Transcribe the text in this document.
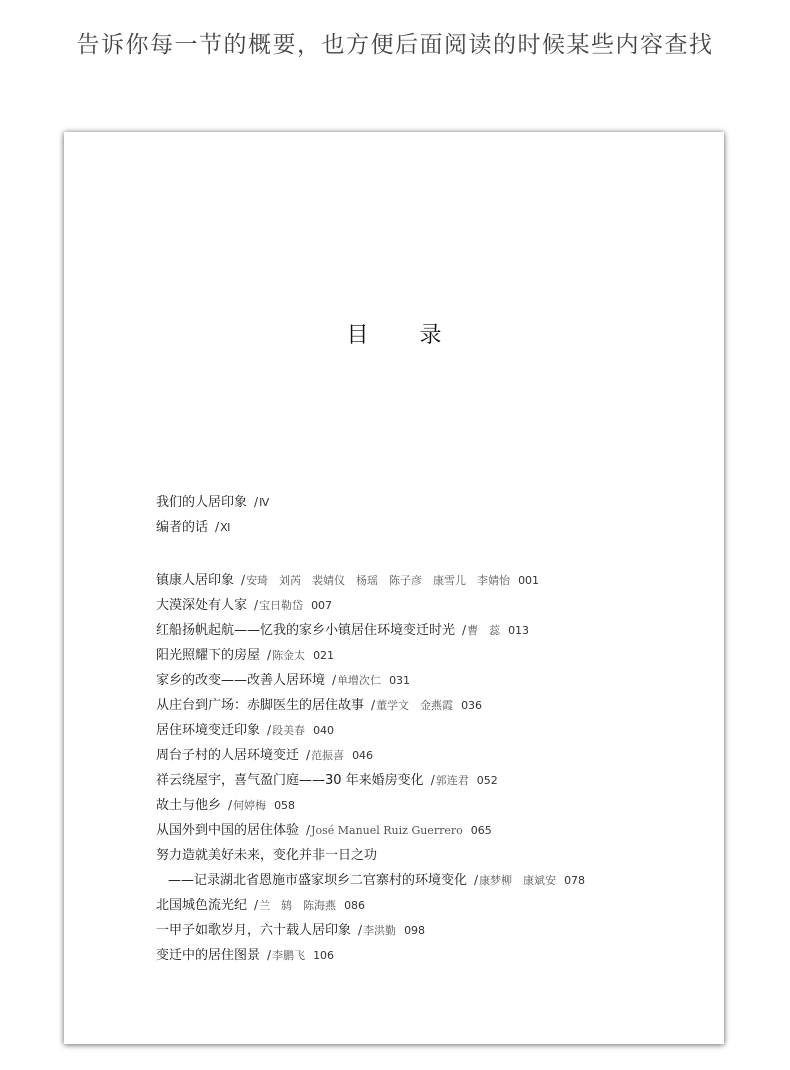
告诉你每一节的概要，也方便后面阅读的时候某些内容查找
目 录
我们的人居印象 /Ⅳ
编者的话 /Ⅺ
镇康人居印象 /安琦　刘芮　裴婧仪　杨瑶　陈子彦　康雪儿　李婧怡 001
大漠深处有人家 /宝日勒岱 007
红船扬帆起航——忆我的家乡小镇居住环境变迁时光 /曹　蕊 013
阳光照耀下的房屋 /陈金太 021
家乡的改变——改善人居环境 /单增次仁 031
从庄台到广场：赤脚医生的居住故事 /董学文　金燕霞 036
居住环境变迁印象 /段美春 040
周台子村的人居环境变迁 /范振喜 046
祥云绕屋宇，喜气盈门庭——30 年来婚房变化 /郭连君 052
故土与他乡 /何婷梅 058
从国外到中国的居住体验 /José Manuel Ruiz Guerrero 065
努力造就美好未来，变化并非一日之功
——记录湖北省恩施市盛家坝乡二官寨村的环境变化 /康梦柳　康斌安 078
北国城色流光纪 /兰　鸫　陈海燕 086
一甲子如歌岁月，六十载人居印象 /李洪勤 098
变迁中的居住图景 /李鹏飞 106
